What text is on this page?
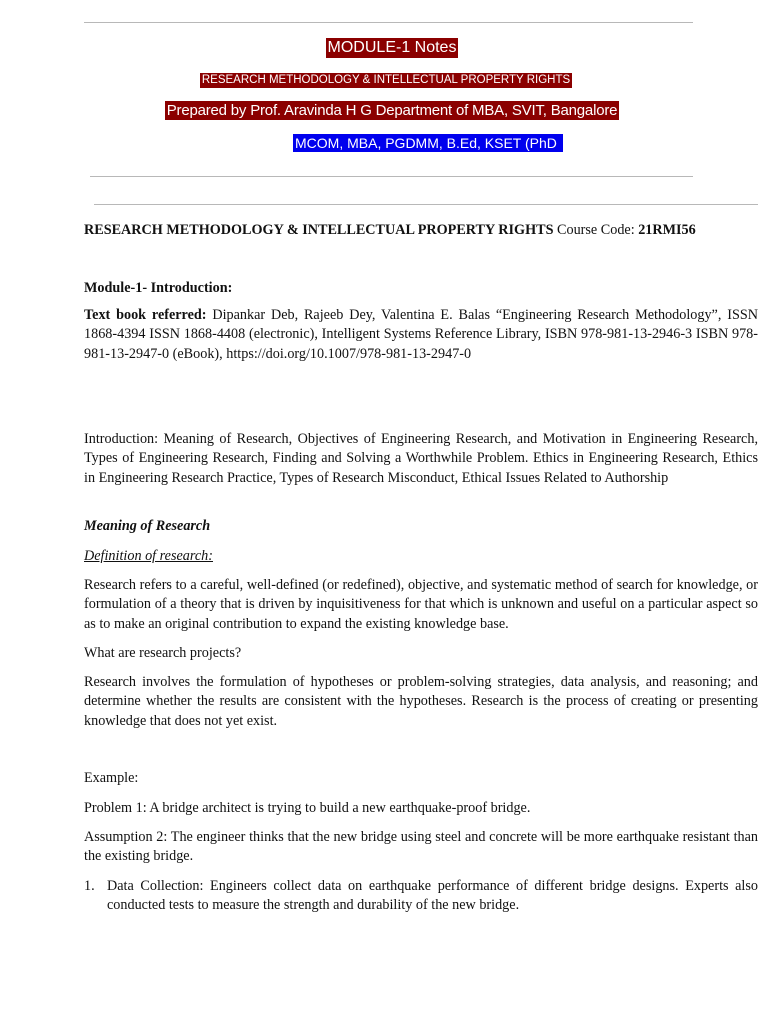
MODULE-1 Notes
RESEARCH METHODOLOGY & INTELLECTUAL PROPERTY RIGHTS
Prepared by Prof. Aravinda H G Department of MBA, SVIT, Bangalore
MCOM, MBA, PGDMM, B.Ed, KSET (PhD

RESEARCH METHODOLOGY & INTELLECTUAL PROPERTY RIGHTS Course Code: 21RMI56

Module-1- Introduction:

Text book referred: Dipankar Deb, Rajeeb Dey, Valentina E. Balas “Engineering Research Methodology”, ISSN 1868-4394 ISSN 1868-4408 (electronic), Intelligent Systems Reference Library, ISBN 978-981-13-2946-3 ISBN 978-981-13-2947-0 (eBook), https://doi.org/10.1007/978-981-13-2947-0

Introduction: Meaning of Research, Objectives of Engineering Research, and Motivation in Engineering Research, Types of Engineering Research, Finding and Solving a Worthwhile Problem. Ethics in Engineering Research, Ethics in Engineering Research Practice, Types of Research Misconduct, Ethical Issues Related to Authorship

Meaning of Research

Definition of research:

Research refers to a careful, well-defined (or redefined), objective, and systematic method of search for knowledge, or formulation of a theory that is driven by inquisitiveness for that which is unknown and useful on a particular aspect so as to make an original contribution to expand the existing knowledge base.

What are research projects?

Research involves the formulation of hypotheses or problem-solving strategies, data analysis, and reasoning; and determine whether the results are consistent with the hypotheses. Research is the process of creating or presenting knowledge that does not yet exist.

Example:

Problem 1: A bridge architect is trying to build a new earthquake-proof bridge.

Assumption 2: The engineer thinks that the new bridge using steel and concrete will be more earthquake resistant than the existing bridge.

1. Data Collection: Engineers collect data on earthquake performance of different bridge designs. Experts also conducted tests to measure the strength and durability of the new bridge.
